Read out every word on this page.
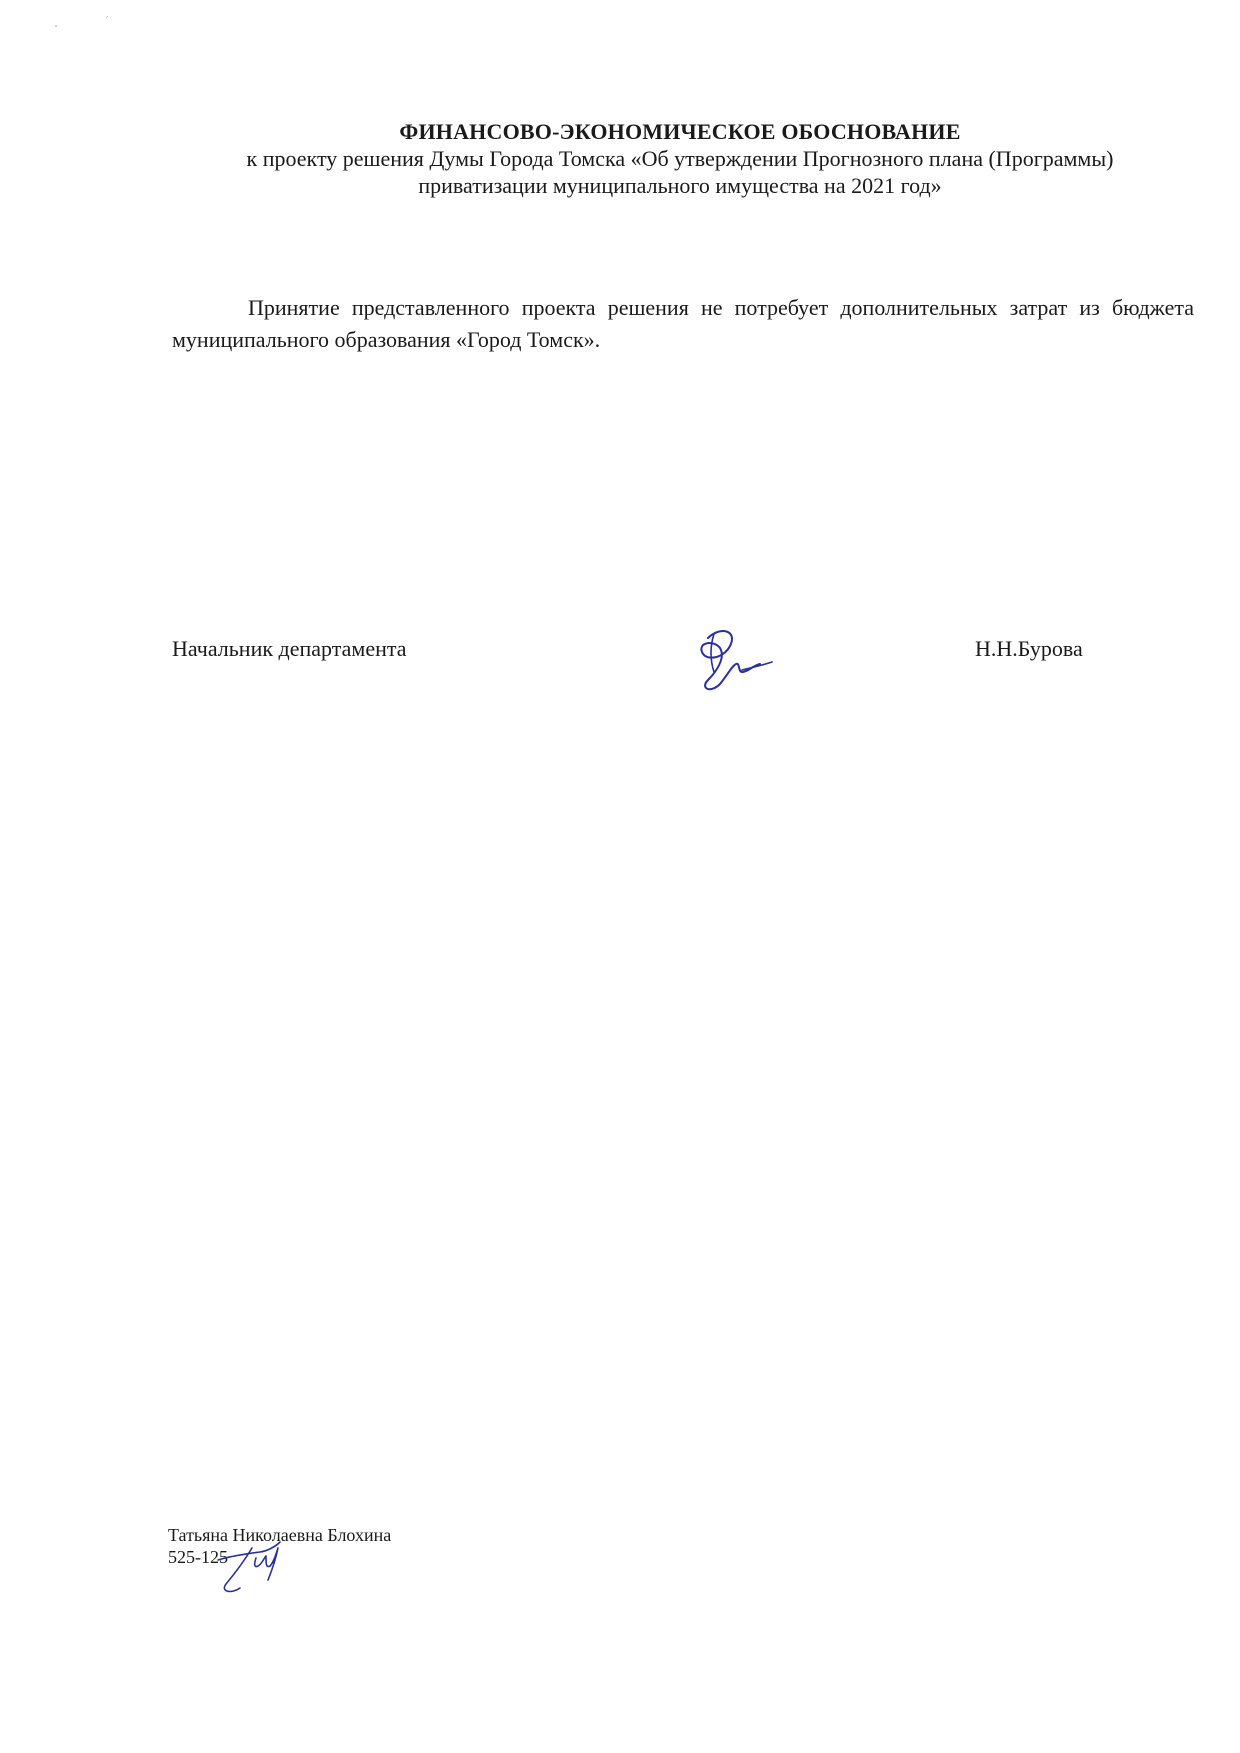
ФИНАНСОВО-ЭКОНОМИЧЕСКОЕ ОБОСНОВАНИЕ
к проекту решения Думы Города Томска «Об утверждении Прогнозного плана (Программы)
приватизации муниципального имущества на 2021 год»

Принятие представленного проекта решения не потребует дополнительных затрат из бюджета муниципального образования «Город Томск».

Начальник департамента	Н.Н.Бурова
Татьяна Николаевна Блохина
525-125
